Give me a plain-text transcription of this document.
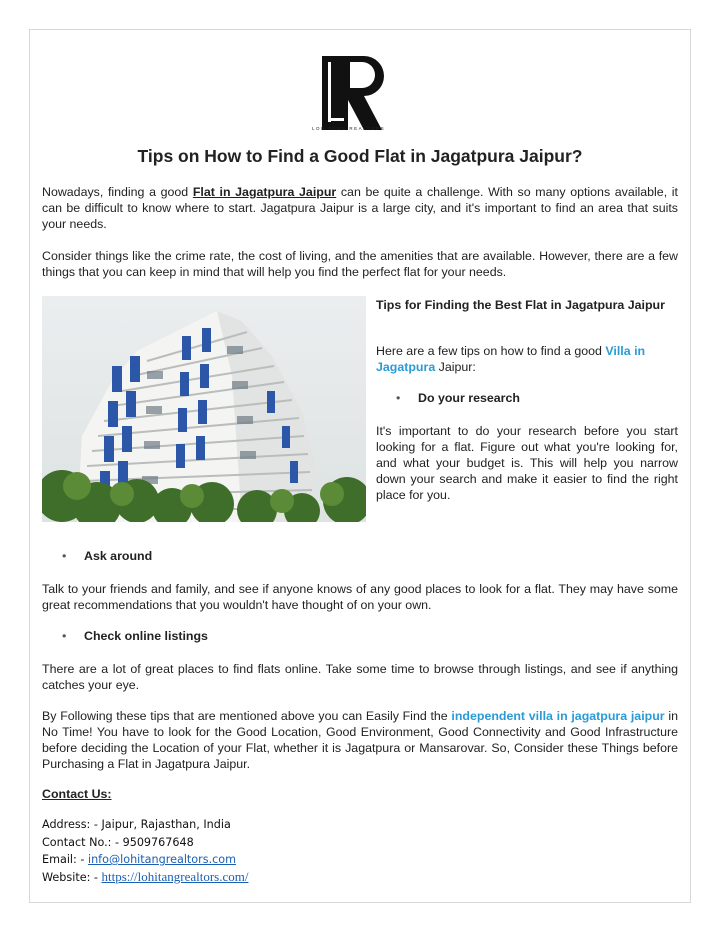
LOH TANG REALTORS
Tips on How to Find a Good Flat in Jagatpura Jaipur?

Nowadays, finding a good Flat in Jagatpura Jaipur can be quite a challenge. With so many options available, it can be difficult to know where to start. Jagatpura Jaipur is a large city, and it's important to find an area that suits your needs.

Consider things like the crime rate, the cost of living, and the amenities that are available. However, there are a few things that you can keep in mind that will help you find the perfect flat for your needs.

Tips for Finding the Best Flat in Jagatpura Jaipur

Here are a few tips on how to find a good Villa in Jagatpura Jaipur:

• Do your research

It's important to do your research before you start looking for a flat. Figure out what you're looking for, and what your budget is. This will help you narrow down your search and make it easier to find the right place for you.

• Ask around

Talk to your friends and family, and see if anyone knows of any good places to look for a flat. They may have some great recommendations that you wouldn't have thought of on your own.

• Check online listings

There are a lot of great places to find flats online. Take some time to browse through listings, and see if anything catches your eye.

By Following these tips that are mentioned above you can Easily Find the independent villa in jagatpura jaipur in No Time! You have to look for the Good Location, Good Environment, Good Connectivity and Good Infrastructure before deciding the Location of your Flat, whether it is Jagatpura or Mansarovar. So, Consider these Things before Purchasing a Flat in Jagatpura Jaipur.

Contact Us:
Address: - Jaipur, Rajasthan, India
Contact No.: - 9509767648
Email: - info@lohitangrealtors.com
Website: - https://lohitangrealtors.com/
